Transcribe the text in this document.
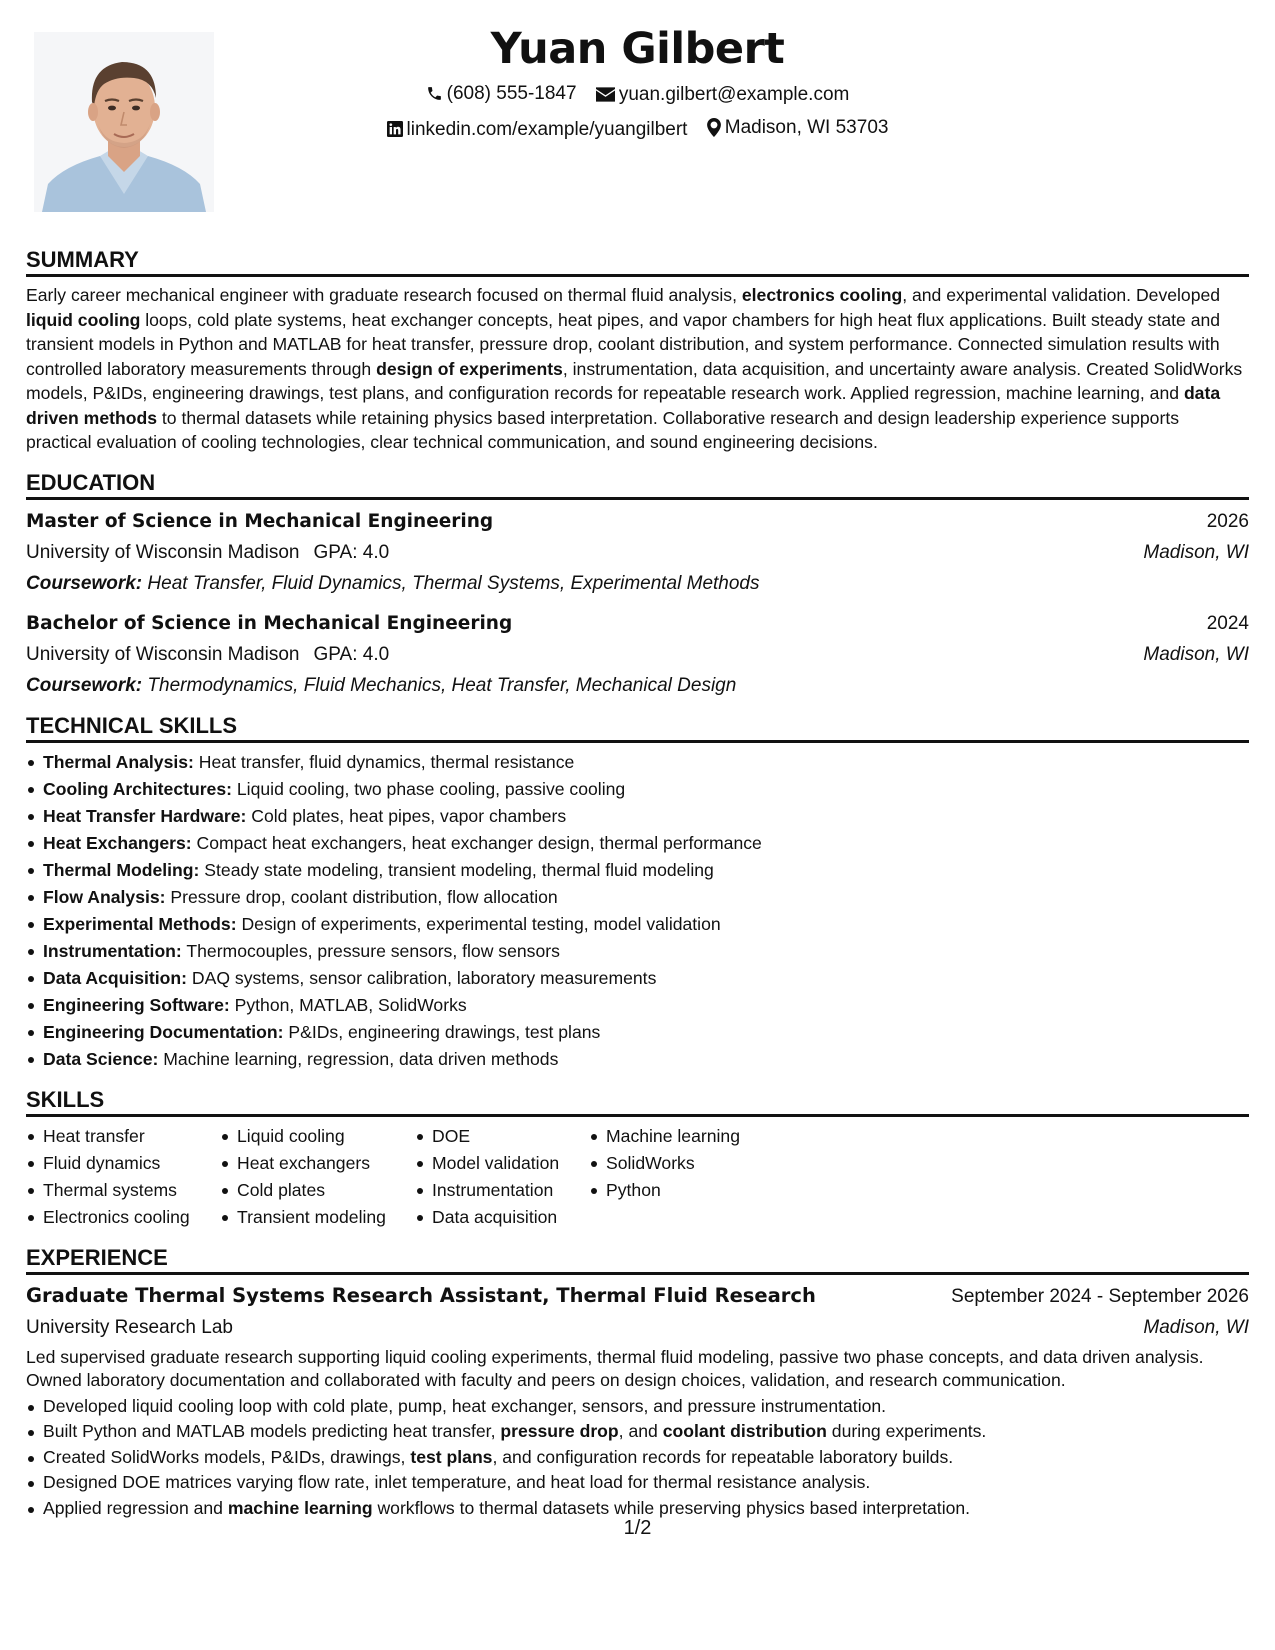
Yuan Gilbert
(608) 555-1847
yuan.gilbert@example.com
linkedin.com/example/yuangilbert
Madison, WI 53703
SUMMARY

Early career mechanical engineer with graduate research focused on thermal fluid analysis, electronics cooling, and experimental validation. Developed liquid cooling loops, cold plate systems, heat exchanger concepts, heat pipes, and vapor chambers for high heat flux applications. Built steady state and transient models in Python and MATLAB for heat transfer, pressure drop, coolant distribution, and system performance. Connected simulation results with controlled laboratory measurements through design of experiments, instrumentation, data acquisition, and uncertainty aware analysis. Created SolidWorks models, P&IDs, engineering drawings, test plans, and configuration records for repeatable research work. Applied regression, machine learning, and data driven methods to thermal datasets while retaining physics based interpretation. Collaborative research and design leadership experience supports practical evaluation of cooling technologies, clear technical communication, and sound engineering decisions.

EDUCATION
Master of Science in Mechanical Engineering	2026
University of Wisconsin Madison GPA: 4.0	Madison, WI
Coursework: Heat Transfer, Fluid Dynamics, Thermal Systems, Experimental Methods
Bachelor of Science in Mechanical Engineering	2024
University of Wisconsin Madison GPA: 4.0	Madison, WI
Coursework: Thermodynamics, Fluid Mechanics, Heat Transfer, Mechanical Design
TECHNICAL SKILLS
Thermal Analysis: Heat transfer, fluid dynamics, thermal resistance
Cooling Architectures: Liquid cooling, two phase cooling, passive cooling
Heat Transfer Hardware: Cold plates, heat pipes, vapor chambers
Heat Exchangers: Compact heat exchangers, heat exchanger design, thermal performance
Thermal Modeling: Steady state modeling, transient modeling, thermal fluid modeling
Flow Analysis: Pressure drop, coolant distribution, flow allocation
Experimental Methods: Design of experiments, experimental testing, model validation
Instrumentation: Thermocouples, pressure sensors, flow sensors
Data Acquisition: DAQ systems, sensor calibration, laboratory measurements
Engineering Software: Python, MATLAB, SolidWorks
Engineering Documentation: P&IDs, engineering drawings, test plans
Data Science: Machine learning, regression, data driven methods
SKILLS
Heat transfer
Fluid dynamics
Thermal systems
Electronics cooling
Liquid cooling
Heat exchangers
Cold plates
Transient modeling
DOE
Model validation
Instrumentation
Data acquisition
Machine learning
SolidWorks
Python
EXPERIENCE
Graduate Thermal Systems Research Assistant, Thermal Fluid Research	September 2024 - September 2026
University Research Lab	Madison, WI

Led supervised graduate research supporting liquid cooling experiments, thermal fluid modeling, passive two phase concepts, and data driven analysis. Owned laboratory documentation and collaborated with faculty and peers on design choices, validation, and research communication.

Developed liquid cooling loop with cold plate, pump, heat exchanger, sensors, and pressure instrumentation.
Built Python and MATLAB models predicting heat transfer, pressure drop, and coolant distribution during experiments.
Created SolidWorks models, P&IDs, drawings, test plans, and configuration records for repeatable laboratory builds.
Designed DOE matrices varying flow rate, inlet temperature, and heat load for thermal resistance analysis.
Applied regression and machine learning workflows to thermal datasets while preserving physics based interpretation.
1/2
